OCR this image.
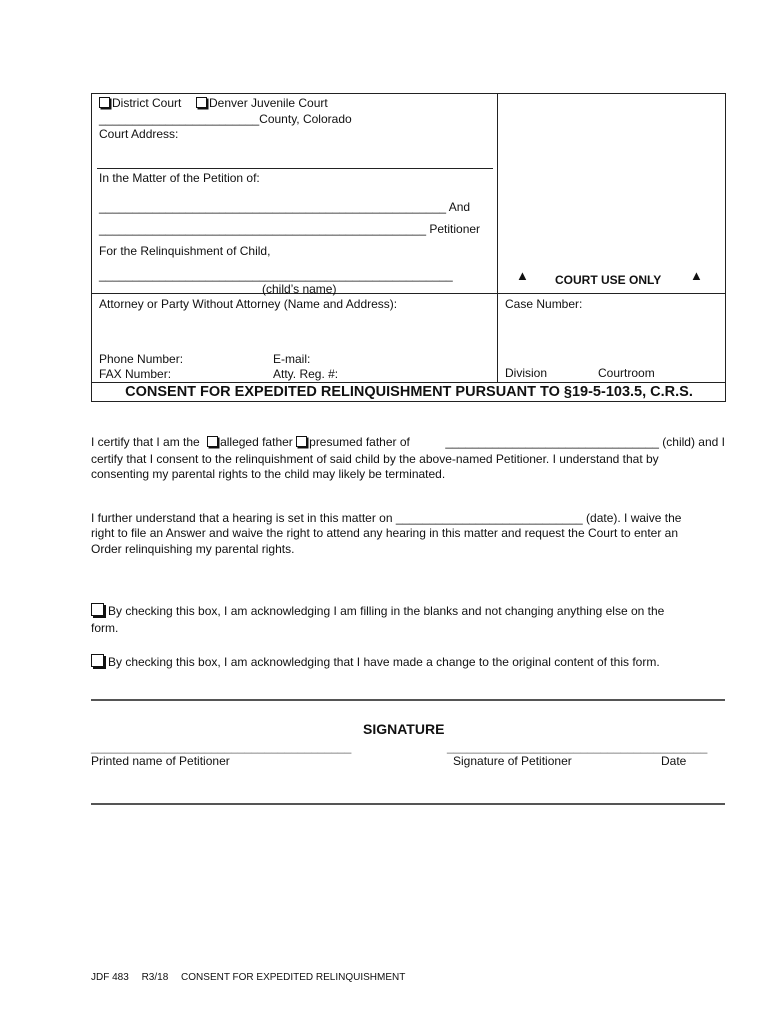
District Court	Denver Juvenile Court
________________________County, Colorado
Court Address:
In the Matter of the Petition of:
____________________________________________________ And
_________________________________________________ Petitioner
For the Relinquishment of Child,
_____________________________________________________
(child’s name)
▲ COURT USE ONLY ▲
Attorney or Party Without Attorney (Name and Address):	Case Number:
Phone Number:	E-mail:
FAX Number:	Atty. Reg. #:	Division	Courtroom
CONSENT FOR EXPEDITED RELINQUISHMENT PURSUANT TO §19-5-103.5, C.R.S.
I certify that I am the alleged father presumed father of	________________________________ (child) and I
certify that I consent to the relinquishment of said child by the above-named Petitioner. I understand that by
consenting my parental rights to the child may likely be terminated.
I further understand that a hearing is set in this matter on ____________________________ (date). I waive the
right to file an Answer and waive the right to attend any hearing in this matter and request the Court to enter an
Order relinquishing my parental rights.
By checking this box, I am acknowledging I am filling in the blanks and not changing anything else on the
form.
By checking this box, I am acknowledging that I have made a change to the original content of this form.
SIGNATURE
_______________________________________
Printed name of Petitioner
_______________________________________
Signature of Petitioner	Date
JDF 483 R3/18 CONSENT FOR EXPEDITED RELINQUISHMENT
